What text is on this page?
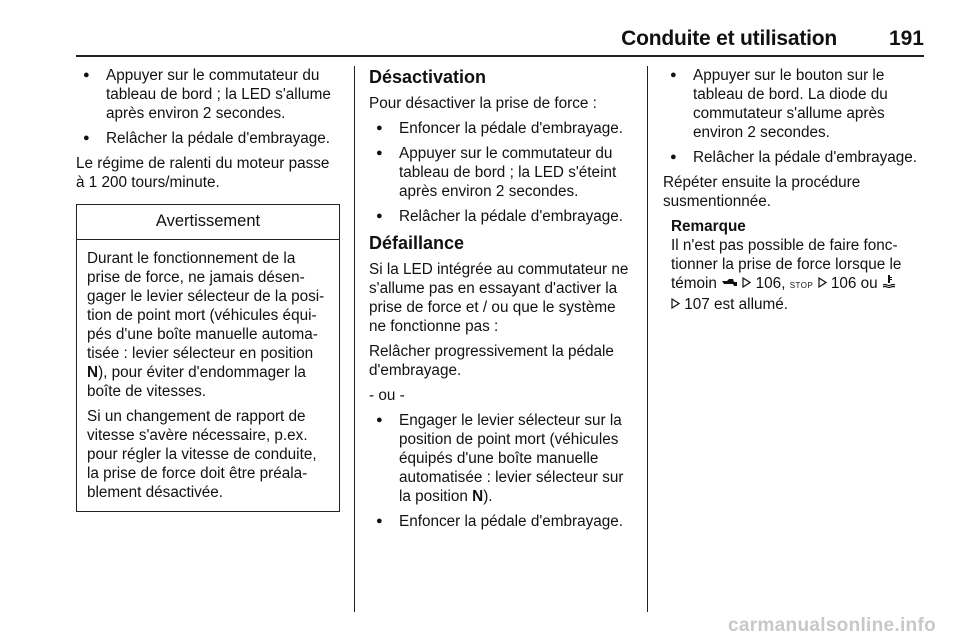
Conduite et utilisation 191
● Appuyer sur le commutateur du tableau de bord ; la LED s'allume après environ 2 secondes.
● Relâcher la pédale d'embrayage.

Le régime de ralenti du moteur passe à 1 200 tours/minute.

Avertissement

Durant le fonctionnement de la prise de force, ne jamais désengager le levier sélecteur de la position de point mort (véhicules équipés d'une boîte manuelle automatisée : levier sélecteur en position N), pour éviter d'endommager la boîte de vitesses.

Si un changement de rapport de vitesse s'avère nécessaire, p.ex. pour régler la vitesse de conduite, la prise de force doit être préalablement désactivée.

Désactivation

Pour désactiver la prise de force :

● Enfoncer la pédale d'embrayage.
● Appuyer sur le commutateur du tableau de bord ; la LED s'éteint après environ 2 secondes.
● Relâcher la pédale d'embrayage.
Défaillance

Si la LED intégrée au commutateur ne s'allume pas en essayant d'activer la prise de force et / ou que le système ne fonctionne pas :

Relâcher progressivement la pédale d'embrayage.

- ou -

● Engager le levier sélecteur sur la position de point mort (véhicules équipés d'une boîte manuelle automatisée : levier sélecteur sur la position N).
● Enfoncer la pédale d'embrayage.
● Appuyer sur le bouton sur le tableau de bord. La diode du commutateur s'allume après environ 2 secondes.
● Relâcher la pédale d'embrayage.

Répéter ensuite la procédure susmentionnée.

Remarque
Il n'est pas possible de faire fonctionner la prise de force lorsque le témoin   106, STOP 106 ou
107 est allumé.
carmanualsonline.info
